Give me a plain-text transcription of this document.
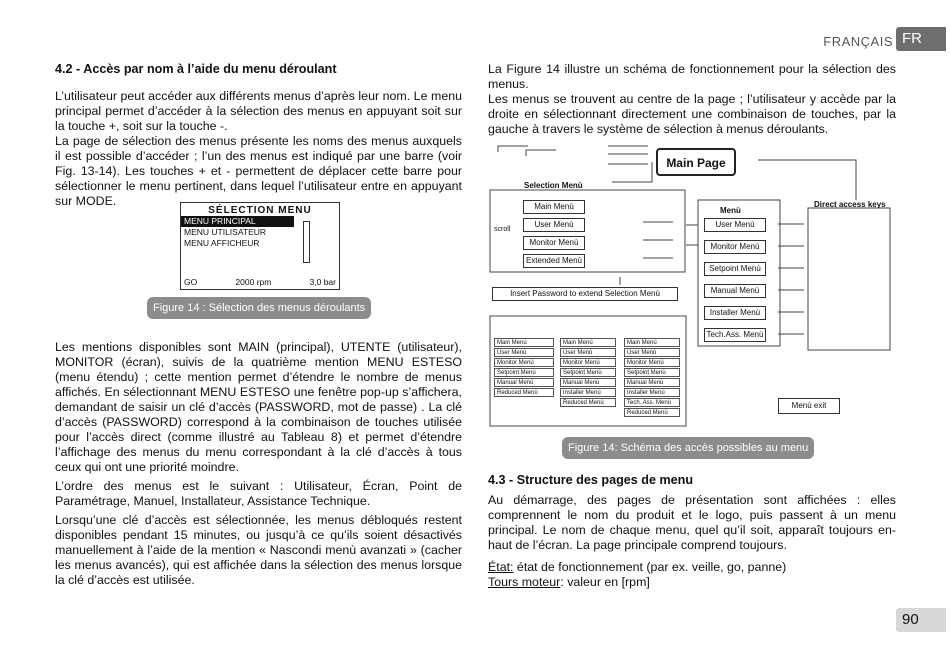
FRANÇAIS FR
4.2 - Accès par nom à l’aide du menu déroulant

L’utilisateur peut accéder aux différents menus d’après leur nom. Le menu principal permet d’accéder à la sélection des menus en appuyant soit sur la touche +, soit sur la touche -.

La page de sélection des menus présente les noms des menus auxquels il est possible d’accéder ; l’un des menus est indiqué par une barre (voir Fig. 13-14). Les touches + et - permettent de déplacer cette barre pour sélectionner le menu pertinent, dans lequel l’utilisateur entre en appuyant sur MODE.

SÉLECTION MENU
MENU PRINCIPAL
MENU UTILISATEUR
MENU AFFICHEUR
GO	2000 rpm	3,0 bar
Figure 14 : Sélection des menus déroulants

Les mentions disponibles sont MAIN (principal), UTENTE (utilisateur), MONITOR (écran), suivis de la quatrième mention MENU ESTESO (menu étendu) ; cette mention permet d’étendre le nombre de menus affichés. En sélectionnant MENU ESTESO une fenêtre pop-up s’affichera, demandant de saisir un clé d’accès (PASSWORD, mot de passe) . La clé d’accès (PASSWORD) correspond à la combinaison de touches utilisée pour l’accès direct (comme illustré au Tableau 8) et permet d’étendre l’affichage des menus du menu correspondant à la clé d’accès à tous ceux qui ont une priorité moindre.

L’ordre des menus est le suivant : Utilisateur, Écran, Point de Paramétrage, Manuel, Installateur, Assistance Technique.

Lorsqu’une clé d’accès est sélectionnée, les menus débloqués restent disponibles pendant 15 minutes, ou jusqu’à ce qu’ils soient désactivés manuellement à l’aide de la mention « Nascondi menù avanzati » (cacher les menus avancés), qui est affichée dans la sélection des menus lorsque la clé d’accès est utilisée.

La Figure 14 illustre un schéma de fonctionnement pour la sélection des menus.

Les menus se trouvent au centre de la page ; l’utilisateur y accède par la droite en sélectionnant directement une combinaison de touches, par la gauche à travers le système de sélection à menus déroulants.

Main Page
Selection Menù
Main Menù
User Menù
Monitor Menù
Extended Menù
scroll
Menù
User Menù
Monitor Menù
Setpoint Menù
Manual Menù
Installer Menù
Tech.Ass. Menù
Direct access keys
Insert Password to extend Selection Menù
Main Menù
User Menù
Monitor Menù
Setpoint Menù
Manual Menù
Reduced Menù
Main Menù
User Menù
Monitor Menù
Setpoint Menù
Manual Menù
Installer Menù
Reduced Menù
Main Menù
User Menù
Monitor Menù
Setpoint Menù
Manual Menù
Installer Menù
Tech. Ass. Menù
Reduced Menù
Menù exit
Figure 14: Schéma des accès possibles au menu
4.3 - Structure des pages de menu

Au démarrage, des pages de présentation sont affichées : elles comprennent le nom du produit et le logo, puis passent à un menu principal. Le nom de chaque menu, quel qu’il soit, apparaît toujours en-haut de l’écran. La page principale comprend toujours.

État: état de fonctionnement (par ex. veille, go, panne)

Tours moteur: valeur en [rpm]

90
